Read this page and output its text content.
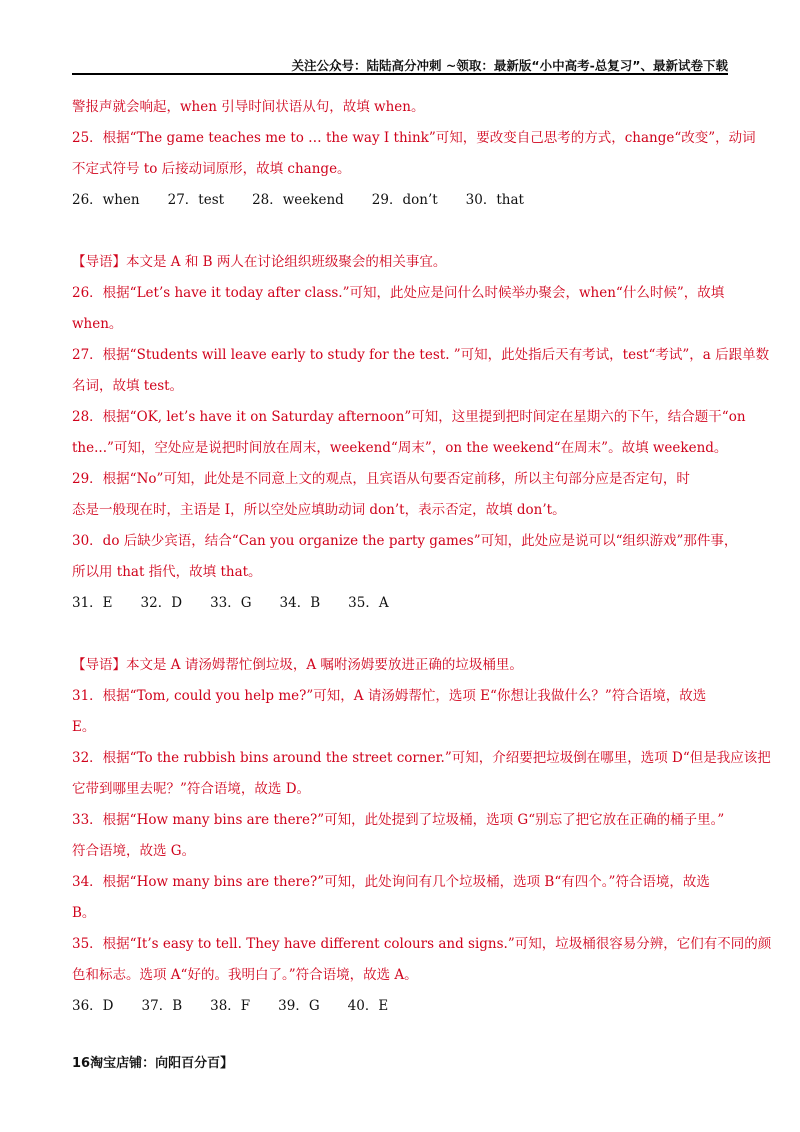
关注公众号：陆陆高分冲刺 ~领取：最新版“小中高考-总复习”、最新试卷下载
警报声就会响起，when 引导时间状语从句，故填 when。
25．根据“The game teaches me to … the way I think”可知，要改变自己思考的方式，change“改变”，动词
不定式符号 to 后接动词原形，故填 change。
26．when 27．test 28．weekend 29．don’t 30．that
【导语】本文是 A 和 B 两人在讨论组织班级聚会的相关事宜。
26．根据“Let’s have it today after class.”可知，此处应是问什么时候举办聚会，when“什么时候”，故填
when。
27．根据“Students will leave early to study for the test. ”可知，此处指后天有考试，test“考试”，a 后跟单数
名词，故填 test。
28．根据“OK, let’s have it on Saturday afternoon”可知，这里提到把时间定在星期六的下午，结合题干“on
the...”可知，空处应是说把时间放在周末，weekend“周末”，on the weekend“在周末”。故填 weekend。
29．根据“No”可知，此处是不同意上文的观点，且宾语从句要否定前移，所以主句部分应是否定句，时
态是一般现在时，主语是 I，所以空处应填助动词 don’t，表示否定，故填 don’t。
30．do 后缺少宾语，结合“Can you organize the party games”可知，此处应是说可以“组织游戏”那件事，
所以用 that 指代，故填 that。
31．E 32．D 33．G 34．B 35．A
【导语】本文是 A 请汤姆帮忙倒垃圾，A 嘱咐汤姆要放进正确的垃圾桶里。
31．根据“Tom, could you help me?”可知，A 请汤姆帮忙，选项 E“你想让我做什么？”符合语境，故选
E。
32．根据“To the rubbish bins around the street corner.”可知，介绍要把垃圾倒在哪里，选项 D“但是我应该把
它带到哪里去呢？”符合语境，故选 D。
33．根据“How many bins are there?”可知，此处提到了垃圾桶，选项 G“别忘了把它放在正确的桶子里。”
符合语境，故选 G。
34．根据“How many bins are there?”可知，此处询问有几个垃圾桶，选项 B“有四个。”符合语境，故选
B。
35．根据“It’s easy to tell. They have different colours and signs.”可知，垃圾桶很容易分辨，它们有不同的颜
色和标志。选项 A“好的。我明白了。”符合语境，故选 A。
36．D 37．B 38．F 39．G 40．E
16淘宝店铺：向阳百分百】
